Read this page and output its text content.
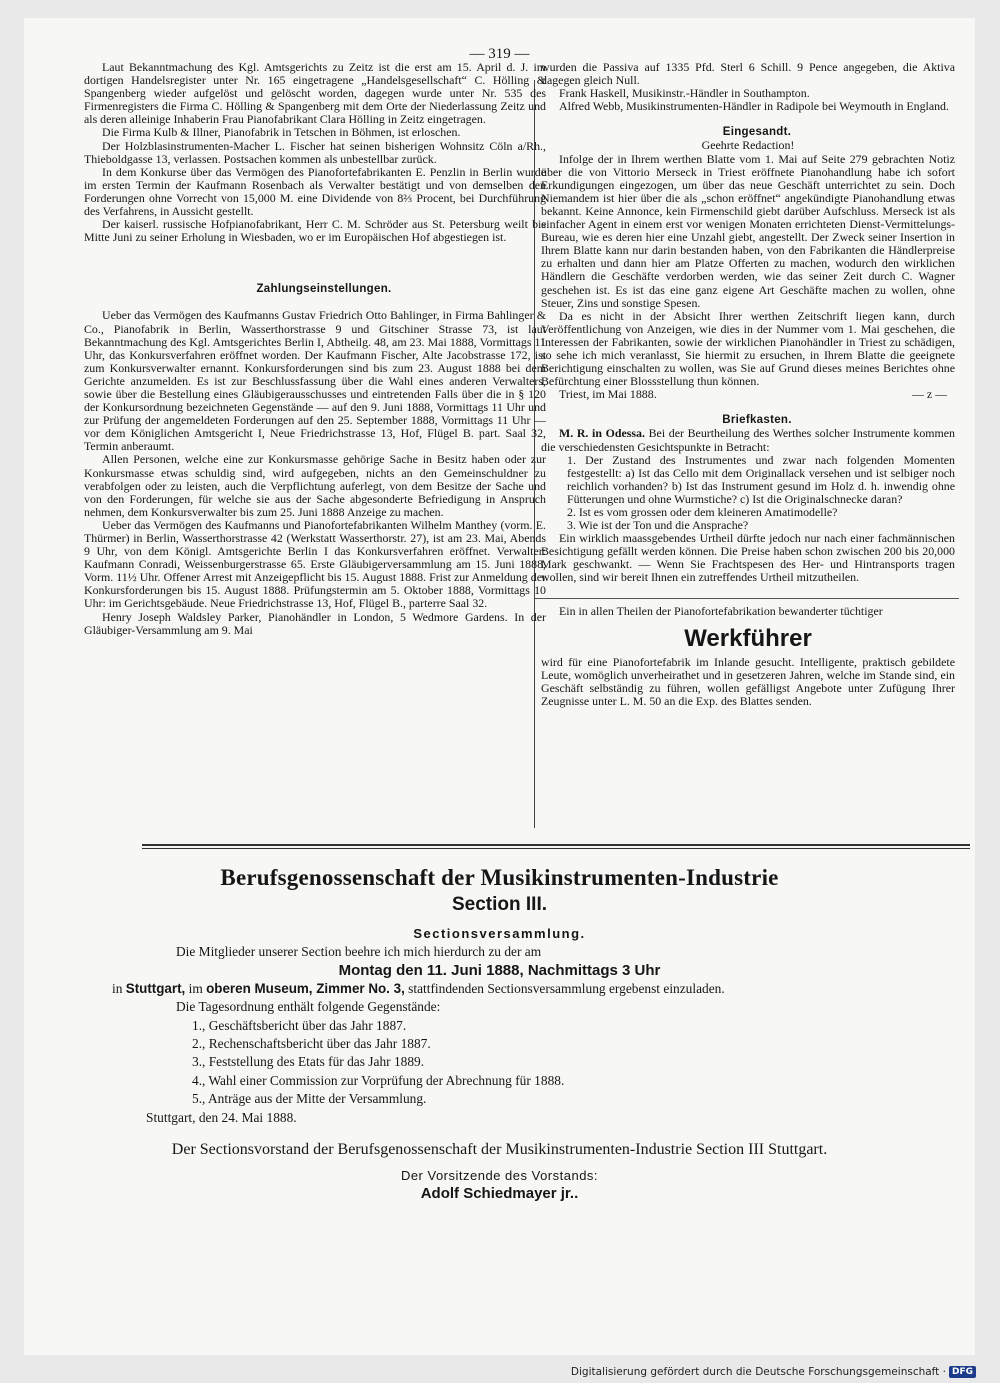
— 319 —

Laut Bekanntmachung des Kgl. Amtsgerichts zu Zeitz ist die erst am 15. April d. J. im dortigen Handelsregister unter Nr. 165 eingetragene „Handelsgesellschaft“ C. Hölling & Spangenberg wieder aufgelöst und gelöscht worden, dagegen wurde unter Nr. 535 des Firmenregisters die Firma C. Hölling & Spangenberg mit dem Orte der Niederlassung Zeitz und als deren alleinige Inhaberin Frau Pianofabrikant Clara Hölling in Zeitz eingetragen.

Die Firma Kulb & Illner, Pianofabrik in Tetschen in Böhmen, ist erloschen.

Der Holzblasinstrumenten-Macher L. Fischer hat seinen bisherigen Wohnsitz Cöln a/Rh., Thieboldgasse 13, verlassen. Postsachen kommen als unbestellbar zurück.

In dem Konkurse über das Vermögen des Pianofortefabrikanten E. Penzlin in Berlin wurde im ersten Termin der Kaufmann Rosenbach als Verwalter bestätigt und von demselben den Forderungen ohne Vorrecht von 15,000 M. eine Dividende von 8⅔ Procent, bei Durchführung des Verfahrens, in Aussicht gestellt.

Der kaiserl. russische Hofpianofabrikant, Herr C. M. Schröder aus St. Petersburg weilt bis Mitte Juni zu seiner Erholung in Wiesbaden, wo er im Europäischen Hof abgestiegen ist.

Zahlungseinstellungen.

Ueber das Vermögen des Kaufmanns Gustav Friedrich Otto Bahlinger, in Firma Bahlinger & Co., Pianofabrik in Berlin, Wasserthorstrasse 9 und Gitschiner Strasse 73, ist laut Bekanntmachung des Kgl. Amtsgerichtes Berlin I, Abtheilg. 48, am 23. Mai 1888, Vormittags 11 Uhr, das Konkursverfahren eröffnet worden. Der Kaufmann Fischer, Alte Jacobstrasse 172, ist zum Konkursverwalter ernannt. Konkursforderungen sind bis zum 23. August 1888 bei dem Gerichte anzumelden. Es ist zur Beschlussfassung über die Wahl eines anderen Verwalters, sowie über die Bestellung eines Gläubigerausschusses und eintretenden Falls über die in § 120 der Konkursordnung bezeichneten Gegenstände — auf den 9. Juni 1888, Vormittags 11 Uhr und zur Prüfung der angemeldeten Forderungen auf den 25. September 1888, Vormittags 11 Uhr — vor dem Königlichen Amtsgericht I, Neue Friedrichstrasse 13, Hof, Flügel B. part. Saal 32, Termin anberaumt.

Allen Personen, welche eine zur Konkursmasse gehörige Sache in Besitz haben oder zur Konkursmasse etwas schuldig sind, wird aufgegeben, nichts an den Gemeinschuldner zu verabfolgen oder zu leisten, auch die Verpflichtung auferlegt, von dem Besitze der Sache und von den Forderungen, für welche sie aus der Sache abgesonderte Befriedigung in Anspruch nehmen, dem Konkursverwalter bis zum 25. Juni 1888 Anzeige zu machen.

Ueber das Vermögen des Kaufmanns und Pianofortefabrikanten Wilhelm Manthey (vorm. E. Thürmer) in Berlin, Wasserthorstrasse 42 (Werkstatt Wasserthorstr. 27), ist am 23. Mai, Abends 9 Uhr, von dem Königl. Amtsgerichte Berlin I das Konkursverfahren eröffnet. Verwalter: Kaufmann Conradi, Weissenburgerstrasse 65. Erste Gläubigerversammlung am 15. Juni 1888, Vorm. 11½ Uhr. Offener Arrest mit Anzeigepflicht bis 15. August 1888. Frist zur Anmeldung der Konkursforderungen bis 15. August 1888. Prüfungstermin am 5. Oktober 1888, Vormittags 10 Uhr: im Gerichtsgebäude. Neue Friedrichstrasse 13, Hof, Flügel B., parterre Saal 32.

Henry Joseph Waldsley Parker, Pianohändler in London, 5 Wedmore Gardens. In der Gläubiger-Versammlung am 9. Mai

wurden die Passiva auf 1335 Pfd. Sterl 6 Schill. 9 Pence angegeben, die Aktiva dagegen gleich Null.

Frank Haskell, Musikinstr.-Händler in Southampton.

Alfred Webb, Musikinstrumenten-Händler in Radipole bei Weymouth in England.

Eingesandt.

Geehrte Redaction!

Infolge der in Ihrem werthen Blatte vom 1. Mai auf Seite 279 gebrachten Notiz über die von Vittorio Merseck in Triest eröffnete Pianohandlung habe ich sofort Erkundigungen eingezogen, um über das neue Geschäft unterrichtet zu sein. Doch Niemandem ist hier über die als „schon eröffnet“ angekündigte Pianohandlung etwas bekannt. Keine Annonce, kein Firmenschild giebt darüber Aufschluss. Merseck ist als einfacher Agent in einem erst vor wenigen Monaten errichteten Dienst-Vermittelungs-Bureau, wie es deren hier eine Unzahl giebt, angestellt. Der Zweck seiner Insertion in Ihrem Blatte kann nur darin bestanden haben, von den Fabrikanten die Händlerpreise zu erhalten und dann hier am Platze Offerten zu machen, wodurch den wirklichen Händlern die Geschäfte verdorben werden, wie das seiner Zeit durch C. Wagner geschehen ist. Es ist das eine ganz eigene Art Geschäfte machen zu wollen, ohne Steuer, Zins und sonstige Spesen.

Da es nicht in der Absicht Ihrer werthen Zeitschrift liegen kann, durch Veröffentlichung von Anzeigen, wie dies in der Nummer vom 1. Mai geschehen, die Interessen der Fabrikanten, sowie der wirklichen Pianohändler in Triest zu schädigen, so sehe ich mich veranlasst, Sie hiermit zu ersuchen, in Ihrem Blatte die geeignete Berichtigung einschalten zu wollen, was Sie auf Grund dieses meines Berichtes ohne Befürchtung einer Blossstellung thun können.

Triest, im Mai 1888.	— z —

Briefkasten.

M. R. in Odessa. Bei der Beurtheilung des Werthes solcher Instrumente kommen die verschiedensten Gesichtspunkte in Betracht:

1. Der Zustand des Instrumentes und zwar nach folgenden Momenten festgestellt: a) Ist das Cello mit dem Originallack versehen und ist selbiger noch reichlich vorhanden? b) Ist das Instrument gesund im Holz d. h. inwendig ohne Fütterungen und ohne Wurmstiche? c) Ist die Originalschnecke daran?
2. Ist es vom grossen oder dem kleineren Amatimodelle?
3. Wie ist der Ton und die Ansprache?

Ein wirklich maassgebendes Urtheil dürfte jedoch nur nach einer fachmännischen Besichtigung gefällt werden können. Die Preise haben schon zwischen 200 bis 20,000 Mark geschwankt. — Wenn Sie Frachtspesen des Her- und Hintransports tragen wollen, sind wir bereit Ihnen ein zutreffendes Urtheil mitzutheilen.

Ein in allen Theilen der Pianofortefabrikation bewanderter tüchtiger

Werkführer

wird für eine Pianofortefabrik im Inlande gesucht. Intelligente, praktisch gebildete Leute, womöglich unverheirathet und in gesetzeren Jahren, welche im Stande sind, ein Geschäft selbständig zu führen, wollen gefälligst Angebote unter Zufügung Ihrer Zeugnisse unter L. M. 50 an die Exp. des Blattes senden.

Berufsgenossenschaft der Musikinstrumenten-Industrie

Section III.

Sectionsversammlung.

Die Mitglieder unserer Section beehre ich mich hierdurch zu der am

Montag den 11. Juni 1888, Nachmittags 3 Uhr

in Stuttgart, im oberen Museum, Zimmer No. 3, stattfindenden Sectionsversammlung ergebenst einzuladen.

Die Tagesordnung enthält folgende Gegenstände:

1., Geschäftsbericht über das Jahr 1887.

2., Rechenschaftsbericht über das Jahr 1887.

3., Feststellung des Etats für das Jahr 1889.

4., Wahl einer Commission zur Vorprüfung der Abrechnung für 1888.

5., Anträge aus der Mitte der Versammlung.

Stuttgart, den 24. Mai 1888.

Der Sectionsvorstand der Berufsgenossenschaft der Musikinstrumenten-Industrie Section III Stuttgart.

Der Vorsitzende des Vorstands:

Adolf Schiedmayer jr..

Digitalisierung gefördert durch die Deutsche Forschungsgemeinschaft · DFG
